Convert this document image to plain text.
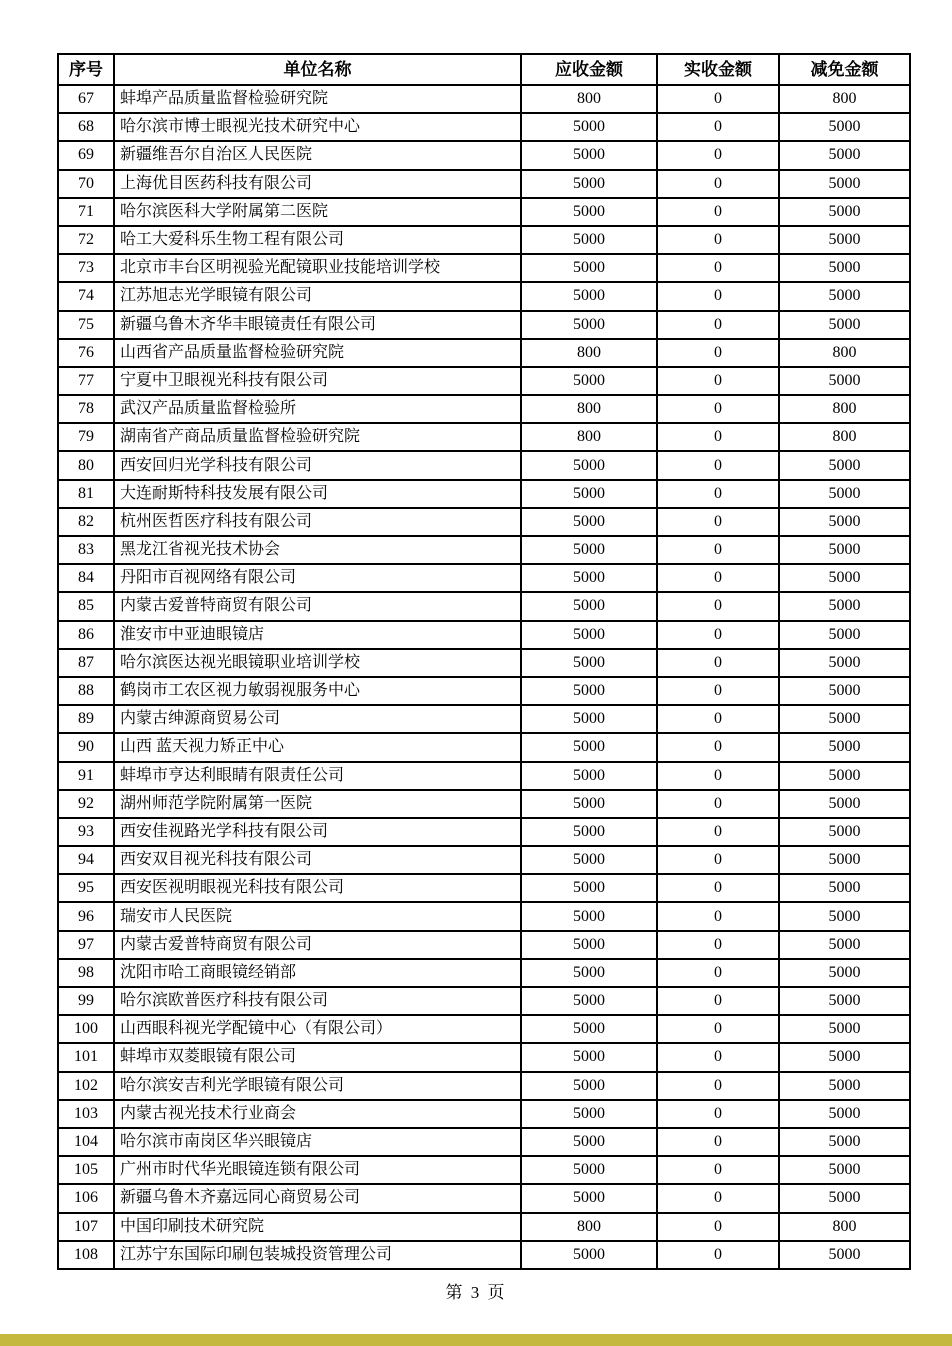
序号	单位名称	应收金额	实收金额	减免金额
67	蚌埠产品质量监督检验研究院	800	0	800
68	哈尔滨市博士眼视光技术研究中心	5000	0	5000
69	新疆维吾尔自治区人民医院	5000	0	5000
70	上海优目医药科技有限公司	5000	0	5000
71	哈尔滨医科大学附属第二医院	5000	0	5000
72	哈工大爱科乐生物工程有限公司	5000	0	5000
73	北京市丰台区明视验光配镜职业技能培训学校	5000	0	5000
74	江苏旭志光学眼镜有限公司	5000	0	5000
75	新疆乌鲁木齐华丰眼镜责任有限公司	5000	0	5000
76	山西省产品质量监督检验研究院	800	0	800
77	宁夏中卫眼视光科技有限公司	5000	0	5000
78	武汉产品质量监督检验所	800	0	800
79	湖南省产商品质量监督检验研究院	800	0	800
80	西安回归光学科技有限公司	5000	0	5000
81	大连耐斯特科技发展有限公司	5000	0	5000
82	杭州医哲医疗科技有限公司	5000	0	5000
83	黑龙江省视光技术协会	5000	0	5000
84	丹阳市百视网络有限公司	5000	0	5000
85	内蒙古爱普特商贸有限公司	5000	0	5000
86	淮安市中亚迪眼镜店	5000	0	5000
87	哈尔滨医达视光眼镜职业培训学校	5000	0	5000
88	鹤岗市工农区视力敏弱视服务中心	5000	0	5000
89	内蒙古绅源商贸易公司	5000	0	5000
90	山西 蓝天视力矫正中心	5000	0	5000
91	蚌埠市亨达利眼睛有限责任公司	5000	0	5000
92	湖州师范学院附属第一医院	5000	0	5000
93	西安佳视路光学科技有限公司	5000	0	5000
94	西安双目视光科技有限公司	5000	0	5000
95	西安医视明眼视光科技有限公司	5000	0	5000
96	瑞安市人民医院	5000	0	5000
97	内蒙古爱普特商贸有限公司	5000	0	5000
98	沈阳市哈工商眼镜经销部	5000	0	5000
99	哈尔滨欧普医疗科技有限公司	5000	0	5000
100	山西眼科视光学配镜中心（有限公司）	5000	0	5000
101	蚌埠市双菱眼镜有限公司	5000	0	5000
102	哈尔滨安吉利光学眼镜有限公司	5000	0	5000
103	内蒙古视光技术行业商会	5000	0	5000
104	哈尔滨市南岗区华兴眼镜店	5000	0	5000
105	广州市时代华光眼镜连锁有限公司	5000	0	5000
106	新疆乌鲁木齐嘉远同心商贸易公司	5000	0	5000
107	中国印刷技术研究院	800	0	800
108	江苏宁东国际印刷包装城投资管理公司	5000	0	5000
第 3 页
